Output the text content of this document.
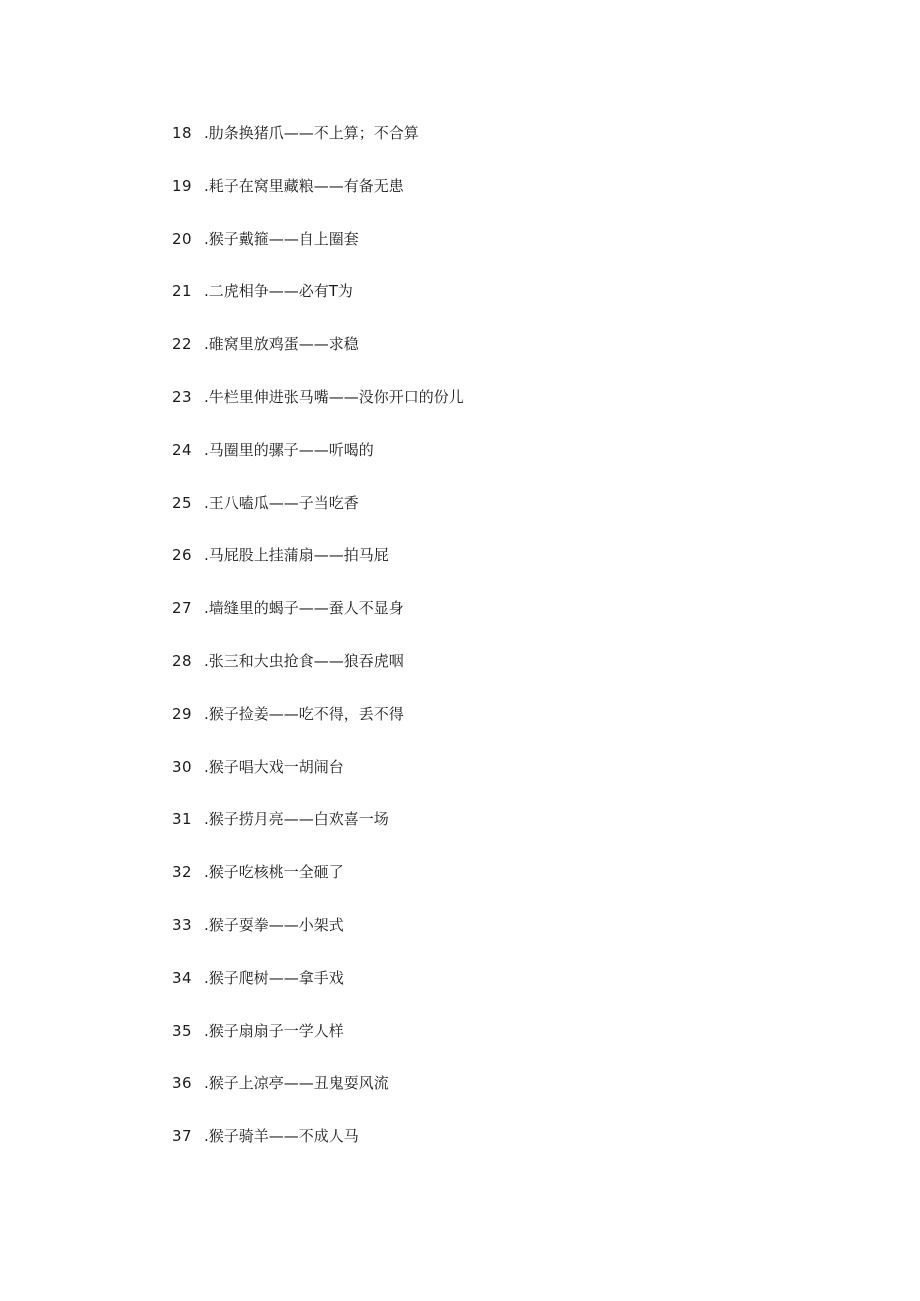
18 .肋条换猪爪——不上算；不合算
19 .耗子在窝里藏粮——有备无患
20 .猴子戴箍——自上圈套
21 .二虎相争——必有T为
22 .碓窝里放鸡蛋——求稳
23 .牛栏里伸进张马嘴——没你开口的份儿
24 .马圈里的骡子——听喝的
25 .王八嗑瓜——子当吃香
26 .马屁股上挂蒲扇——拍马屁
27 .墙缝里的蝎子——蚕人不显身
28 .张三和大虫抢食——狼吞虎咽
29 .猴子捡姜——吃不得，丢不得
30 .猴子唱大戏一胡闹台
31 .猴子捞月亮——白欢喜一场
32 .猴子吃核桃一全砸了
33 .猴子耍拳——小架式
34 .猴子爬树——拿手戏
35 .猴子扇扇子一学人样
36 .猴子上凉亭——丑鬼耍风流
37 .猴子骑羊——不成人马
